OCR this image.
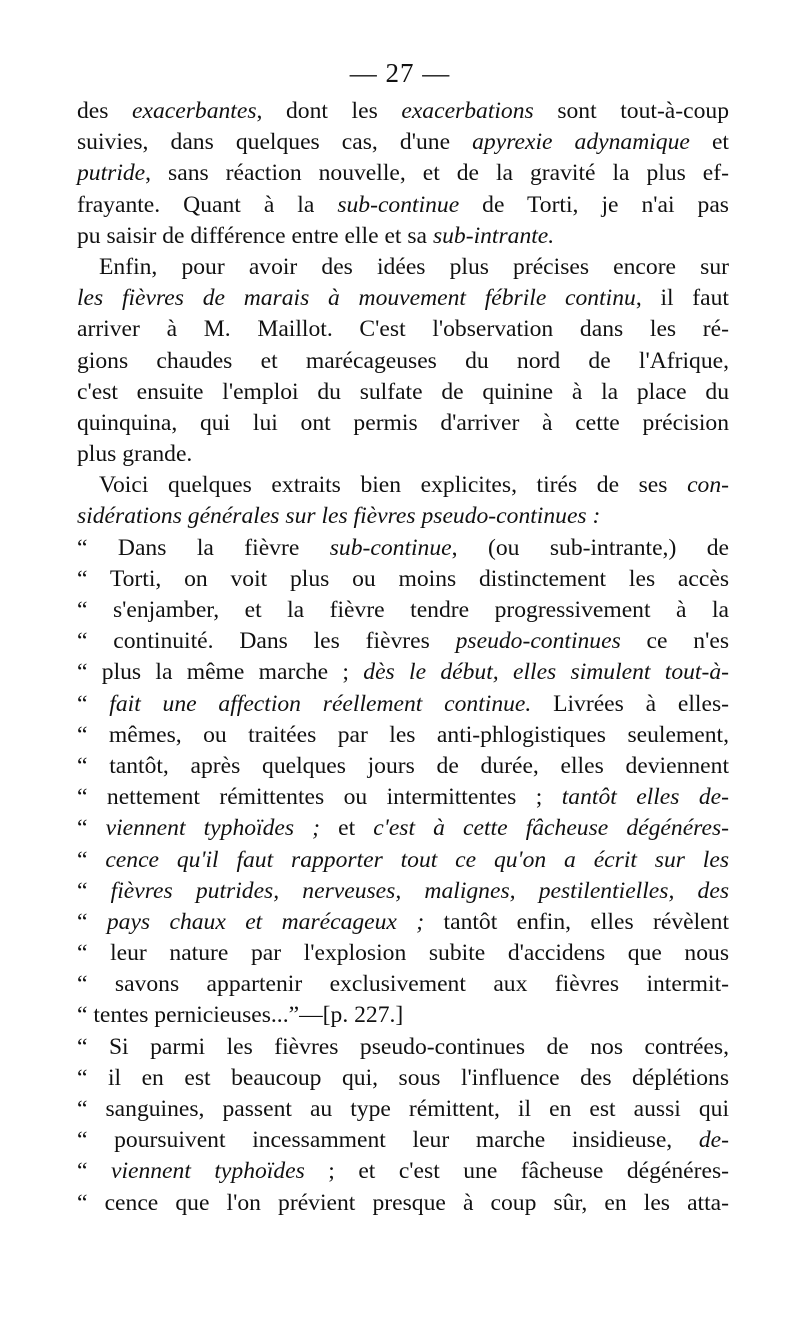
— 27 —
des exacerbantes, dont les exacerbations sont tout-à-coup
suivies, dans quelques cas, d'une apyrexie adynamique et
putride, sans réaction nouvelle, et de la gravité la plus ef-
frayante. Quant à la sub-continue de Torti, je n'ai pas
pu saisir de différence entre elle et sa sub-intrante.
Enfin, pour avoir des idées plus précises encore sur
les fièvres de marais à mouvement fébrile continu, il faut
arriver à M. Maillot. C'est l'observation dans les ré-
gions chaudes et marécageuses du nord de l'Afrique,
c'est ensuite l'emploi du sulfate de quinine à la place du
quinquina, qui lui ont permis d'arriver à cette précision
plus grande.
Voici quelques extraits bien explicites, tirés de ses con-
sidérations générales sur les fièvres pseudo-continues :
“ Dans la fièvre sub-continue, (ou sub-intrante,) de
“ Torti, on voit plus ou moins distinctement les accès
“ s'enjamber, et la fièvre tendre progressivement à la
“ continuité. Dans les fièvres pseudo-continues ce n'es
“ plus la même marche ; dès le début, elles simulent tout-à-
“ fait une affection réellement continue. Livrées à elles-
“ mêmes, ou traitées par les anti-phlogistiques seulement,
“ tantôt, après quelques jours de durée, elles deviennent
“ nettement rémittentes ou intermittentes ; tantôt elles de-
“ viennent typhoïdes ; et c'est à cette fâcheuse dégénéres-
“ cence qu'il faut rapporter tout ce qu'on a écrit sur les
“ fièvres putrides, nerveuses, malignes, pestilentielles, des
“ pays chaux et marécageux ; tantôt enfin, elles révèlent
“ leur nature par l'explosion subite d'accidens que nous
“ savons appartenir exclusivement aux fièvres intermit-
“ tentes pernicieuses...”—[p. 227.]
“ Si parmi les fièvres pseudo-continues de nos contrées,
“ il en est beaucoup qui, sous l'influence des déplétions
“ sanguines, passent au type rémittent, il en est aussi qui
“ poursuivent incessamment leur marche insidieuse, de-
“ viennent typhoïdes ; et c'est une fâcheuse dégénéres-
“ cence que l'on prévient presque à coup sûr, en les atta-
